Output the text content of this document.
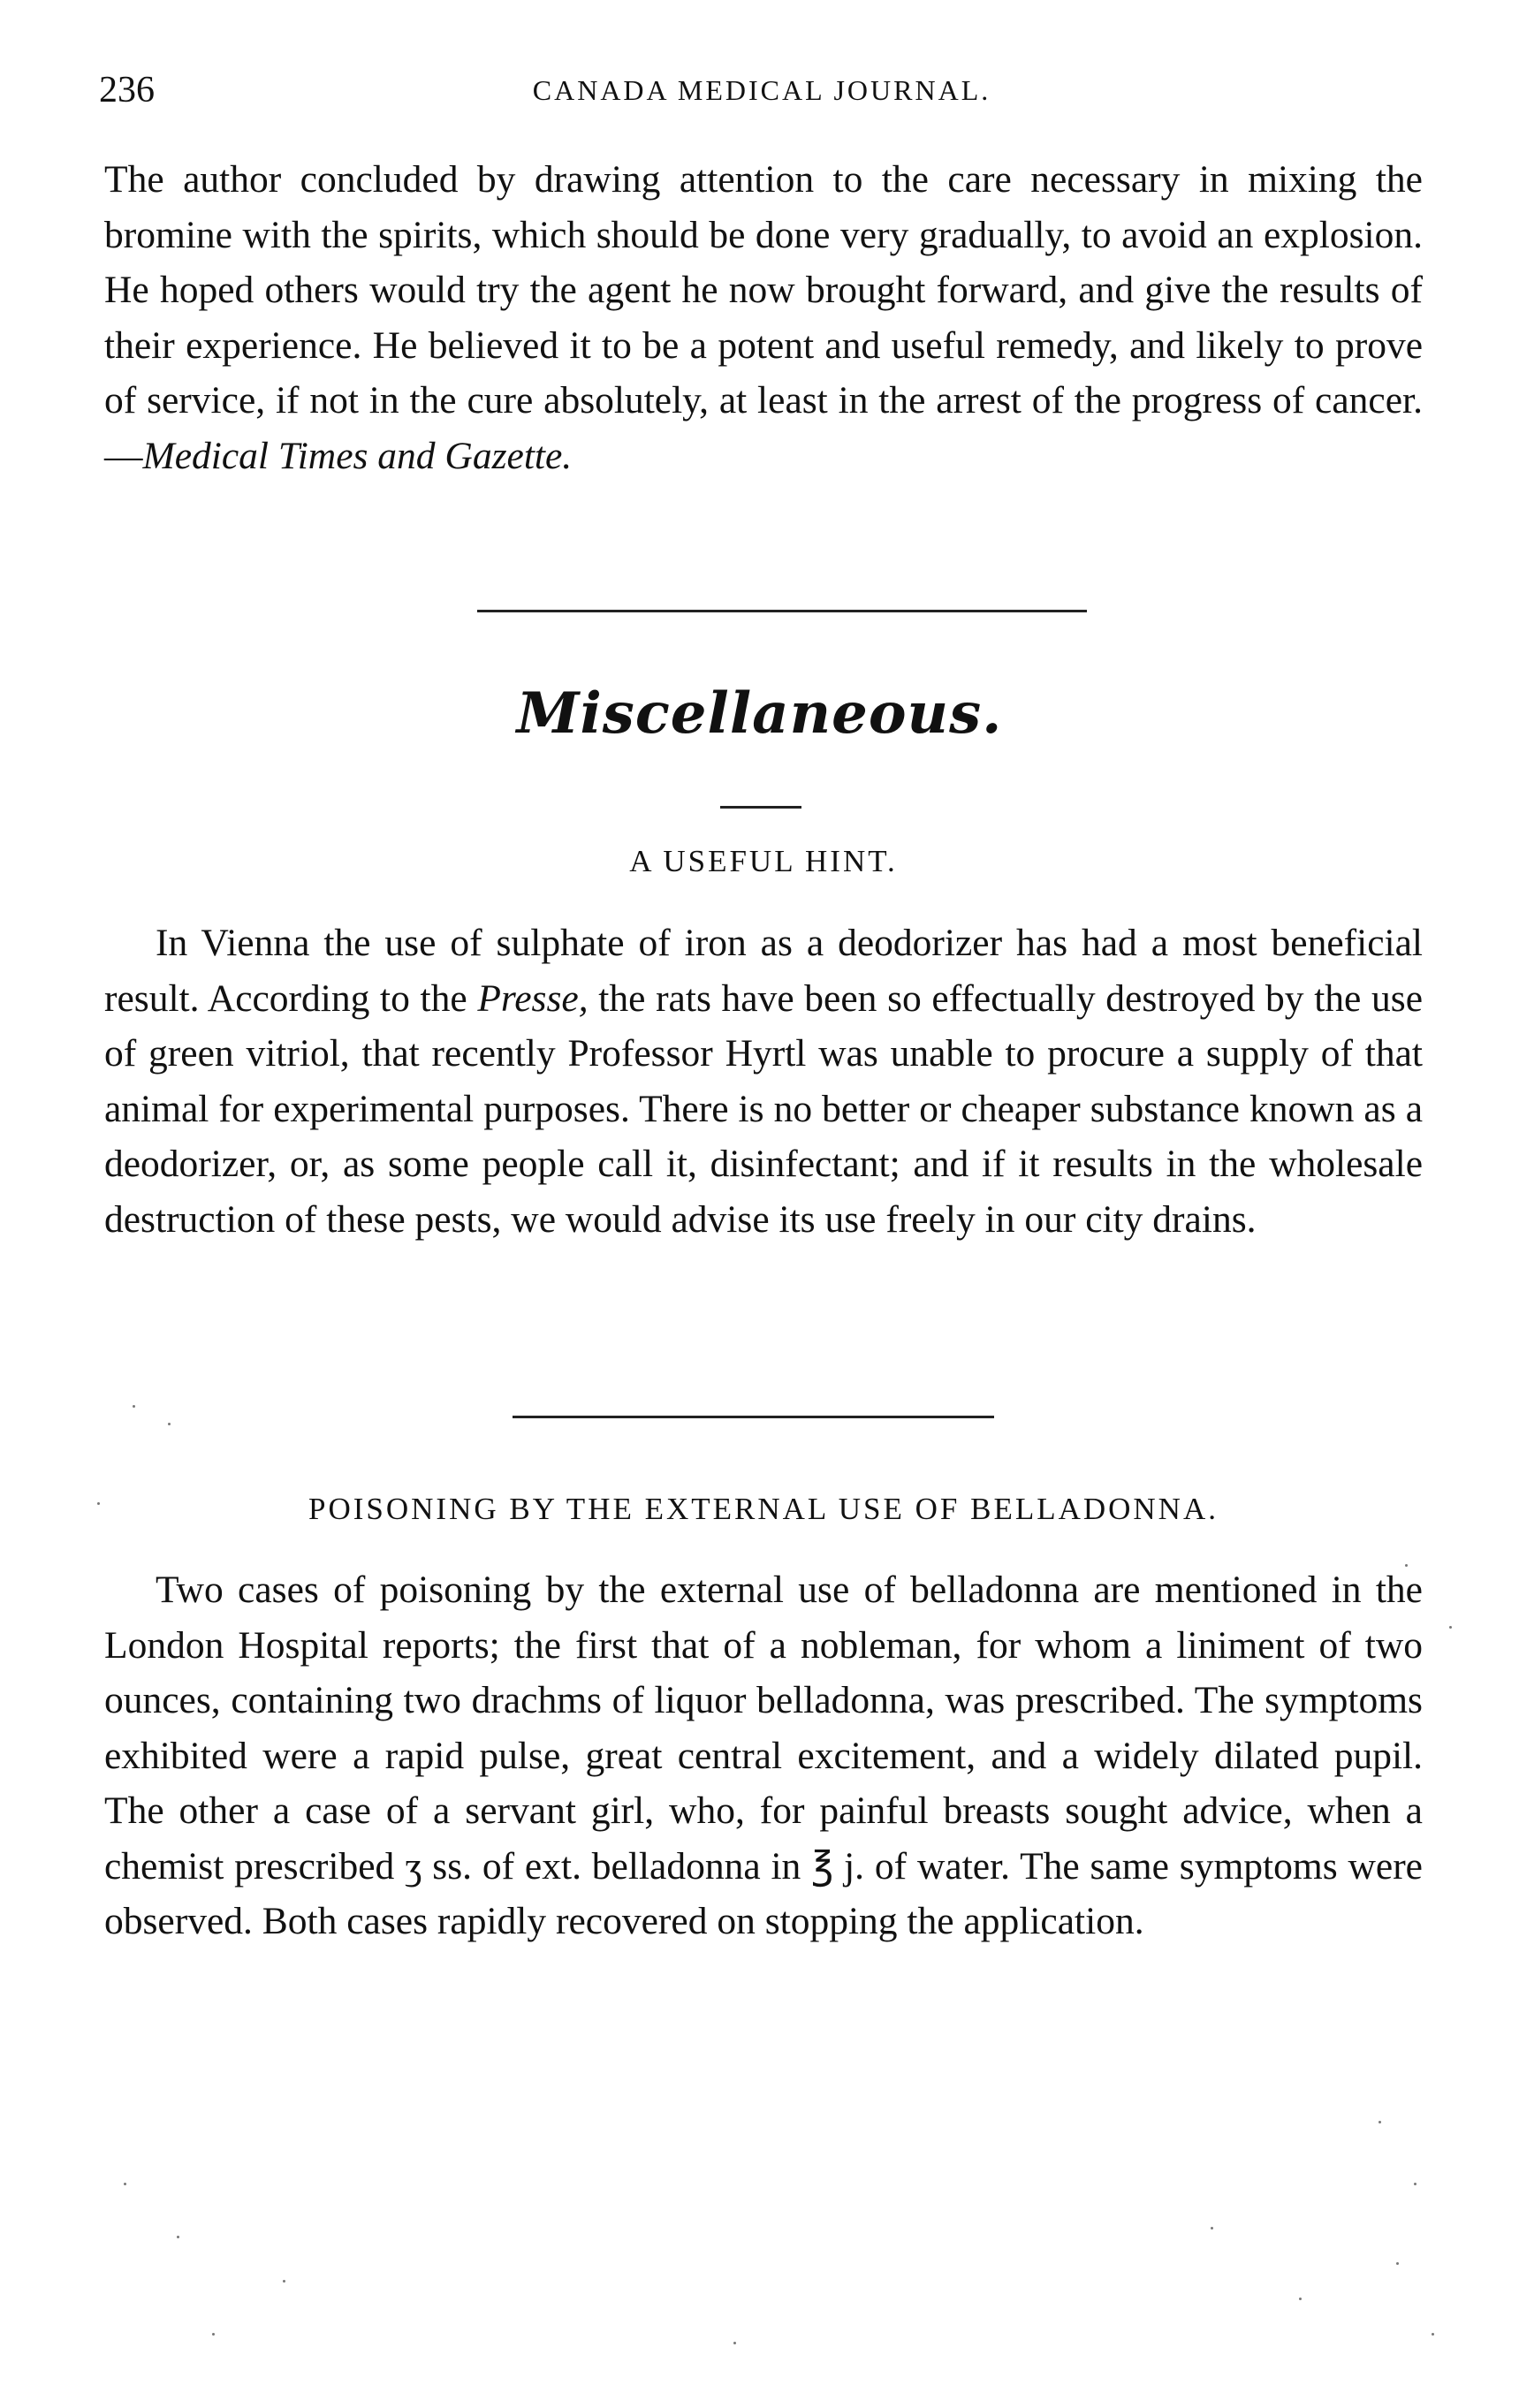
236	CANADA MEDICAL JOURNAL.

The author concluded by drawing attention to the care necessary in mixing the bromine with the spirits, which should be done very gradually, to avoid an explosion. He hoped others would try the agent he now brought forward, and give the results of their experience. He believed it to be a potent and useful remedy, and likely to prove of service, if not in the cure absolutely, at least in the arrest of the progress of cancer.—Medical Times and Gazette.

Miscellaneous.
A USEFUL HINT.

In Vienna the use of sulphate of iron as a deodorizer has had a most beneficial result. According to the Presse, the rats have been so effectually destroyed by the use of green vitriol, that recently Professor Hyrtl was unable to procure a supply of that animal for experimental purposes. There is no better or cheaper substance known as a deodorizer, or, as some people call it, disinfectant; and if it results in the wholesale destruction of these pests, we would advise its use freely in our city drains.

POISONING BY THE EXTERNAL USE OF BELLADONNA.

Two cases of poisoning by the external use of belladonna are mentioned in the London Hospital reports; the first that of a nobleman, for whom a liniment of two ounces, containing two drachms of liquor belladonna, was prescribed. The symptoms exhibited were a rapid pulse, great central excitement, and a widely dilated pupil. The other a case of a servant girl, who, for painful breasts sought advice, when a chemist prescribed ʒ ss. of ext. belladonna in ℥ j. of water. The same symptoms were observed. Both cases rapidly recovered on stopping the application.
